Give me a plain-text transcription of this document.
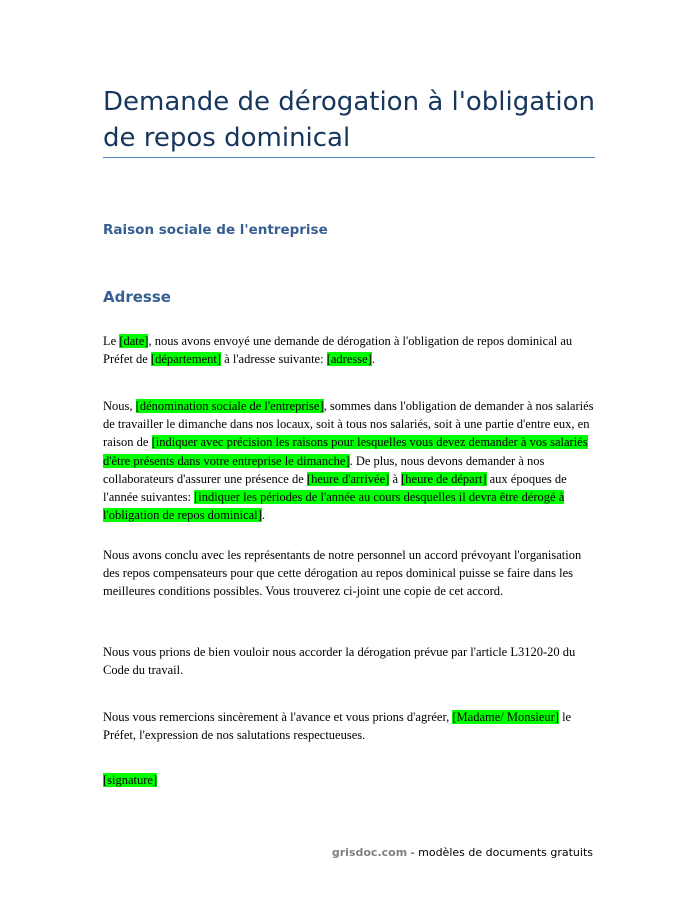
Demande de dérogation à l'obligation de repos dominical
Raison sociale de l'entreprise
Adresse

Le [date], nous avons envoyé une demande de dérogation à l'obligation de repos dominical au Préfet de [département] à l'adresse suivante: [adresse].

Nous, [dénomination sociale de l'entreprise], sommes dans l'obligation de demander à nos salariés de travailler le dimanche dans nos locaux, soit à tous nos salariés, soit à une partie d'entre eux, en raison de [indiquer avec précision les raisons pour lesquelles vous devez demander à vos salariés d'être présents dans votre entreprise le dimanche]. De plus, nous devons demander à nos collaborateurs d'assurer une présence de [heure d'arrivée] à [heure de départ] aux époques de l'année suivantes: [indiquer les périodes de l'année au cours desquelles il devra être dérogé à l'obligation de repos dominical].

Nous avons conclu avec les représentants de notre personnel un accord prévoyant l'organisation des repos compensateurs pour que cette dérogation au repos dominical puisse se faire dans les meilleures conditions possibles. Vous trouverez ci-joint une copie de cet accord.

Nous vous prions de bien vouloir nous accorder la dérogation prévue par l'article L3120-20 du Code du travail.

Nous vous remercions sincèrement à l'avance et vous prions d'agréer, [Madame/ Monsieur] le Préfet, l'expression de nos salutations respectueuses.

[signature]

grisdoc.com - modèles de documents gratuits
